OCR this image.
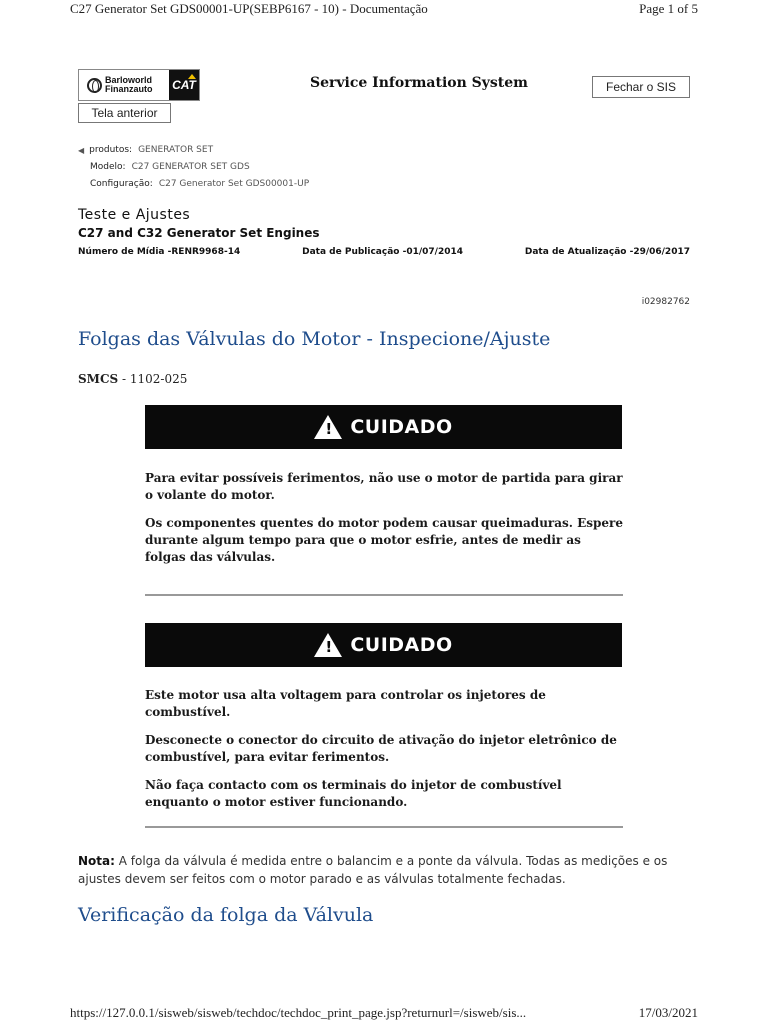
C27 Generator Set GDS00001-UP(SEBP6167 - 10) - Documentação	Page 1 of 5
Barloworld
Finanzauto	CAT	Service Information System	Fechar o SIS
Tela anterior
◀ produtos: GENERATOR SET
Modelo: C27 GENERATOR SET GDS
Configuração: C27 Generator Set GDS00001-UP
Teste e Ajustes
C27 and C32 Generator Set Engines
Número de Mídia -RENR9968-14	Data de Publicação -01/07/2014	Data de Atualização -29/06/2017
i02982762
Folgas das Válvulas do Motor - Inspecione/Ajuste
SMCS - 1102-025
! CUIDADO

Para evitar possíveis ferimentos, não use o motor de partida para girar o volante do motor.

Os componentes quentes do motor podem causar queimaduras. Espere durante algum tempo para que o motor esfrie, antes de medir as folgas das válvulas.

! CUIDADO

Este motor usa alta voltagem para controlar os injetores de combustível.

Desconecte o conector do circuito de ativação do injetor eletrônico de combustível, para evitar ferimentos.

Não faça contacto com os terminais do injetor de combustível enquanto o motor estiver funcionando.

Nota: A folga da válvula é medida entre o balancim e a ponte da válvula. Todas as medições e os ajustes devem ser feitos com o motor parado e as válvulas totalmente fechadas.
Verificação da folga da Válvula
https://127.0.0.1/sisweb/sisweb/techdoc/techdoc_print_page.jsp?returnurl=/sisweb/sis...	17/03/2021
